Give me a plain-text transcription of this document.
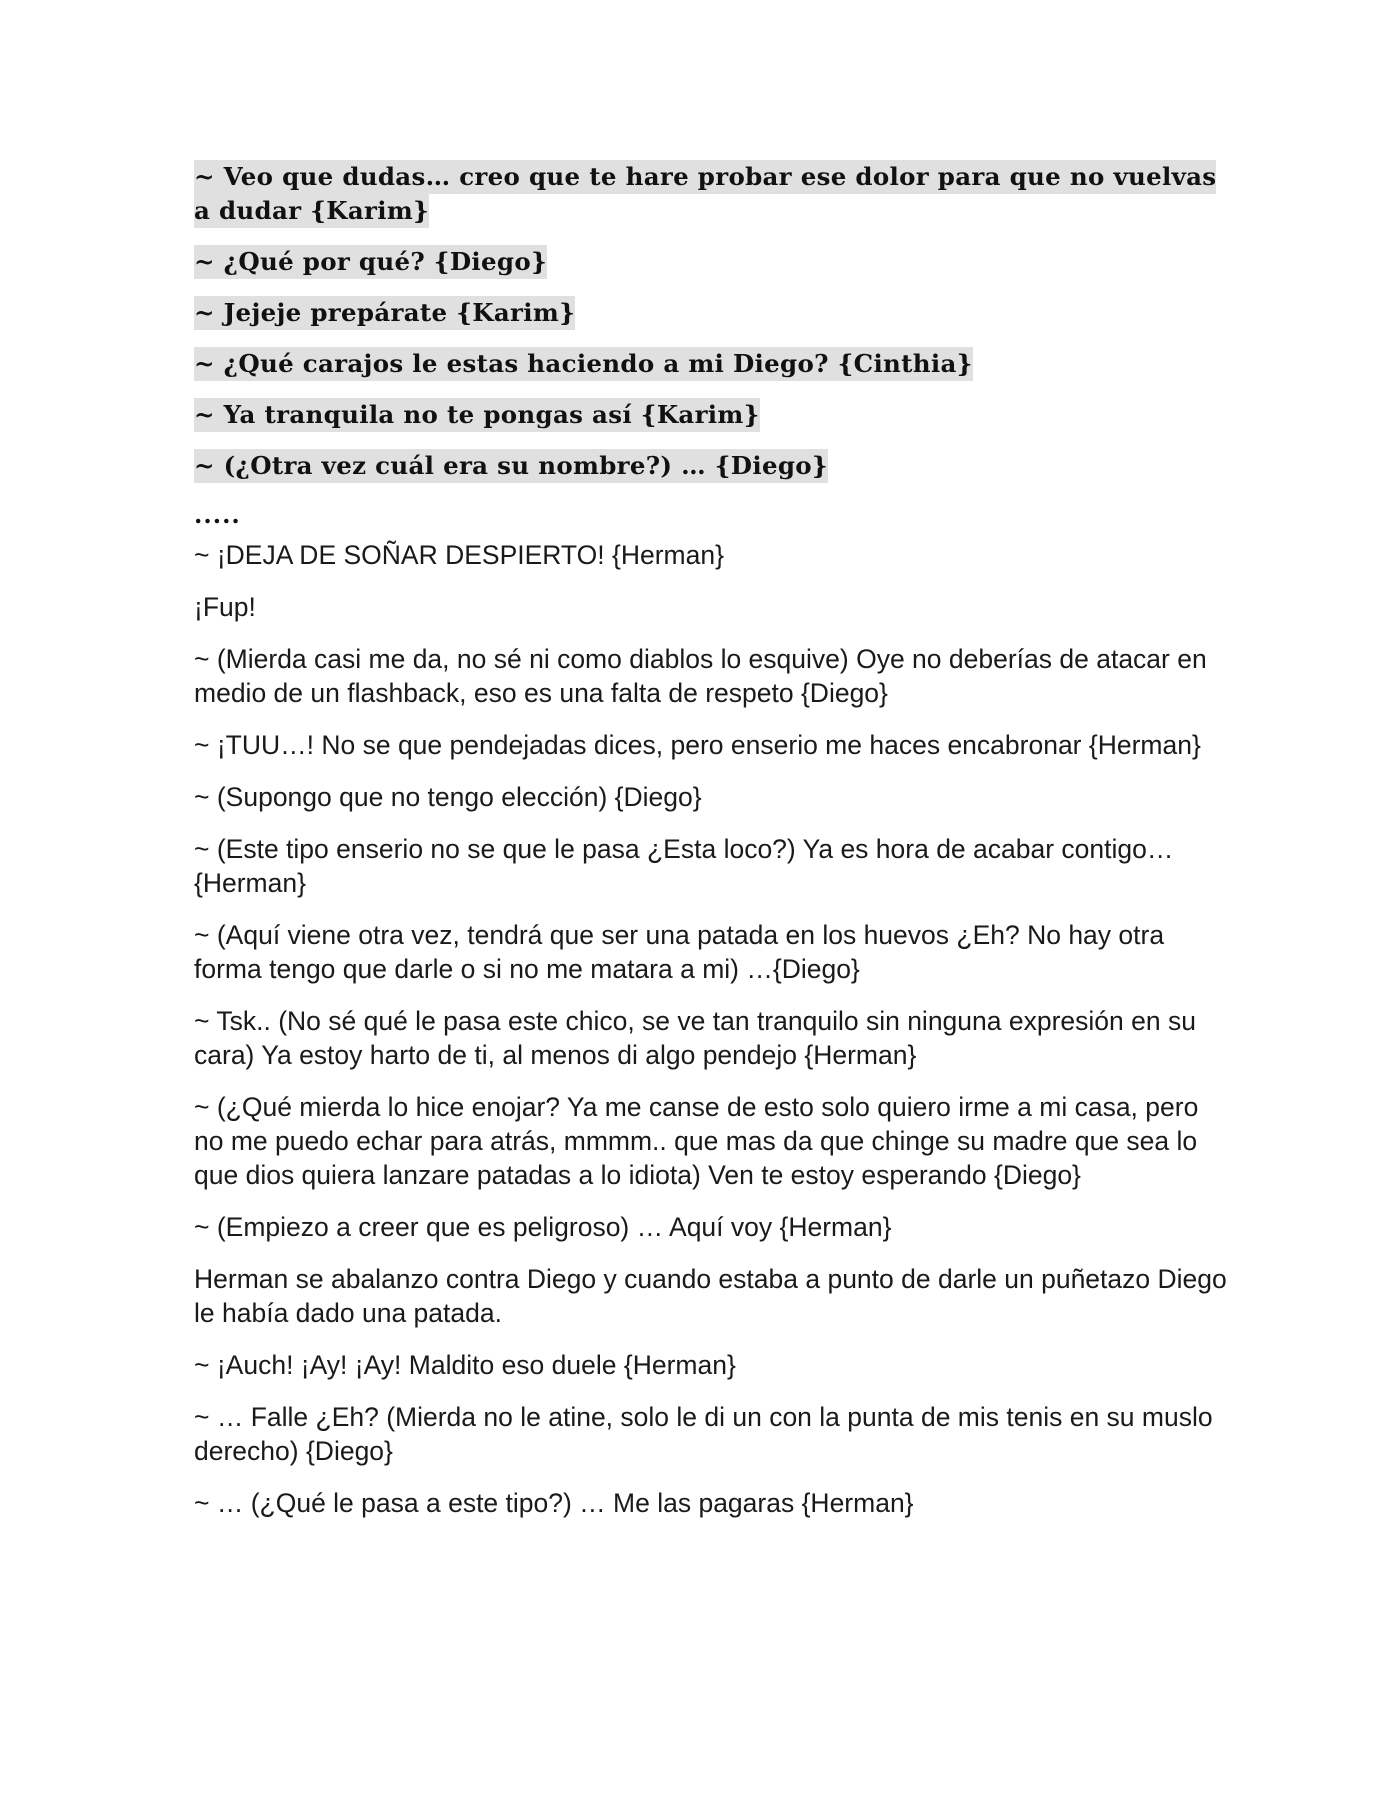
~ Veo que dudas… creo que te hare probar ese dolor para que no vuelvas a dudar {Karim}

~ ¿Qué por qué? {Diego}

~ Jejeje prepárate {Karim}

~ ¿Qué carajos le estas haciendo a mi Diego? {Cinthia}

~ Ya tranquila no te pongas así {Karim}

~ (¿Otra vez cuál era su nombre?) … {Diego}

.....

~ ¡DEJA DE SOÑAR DESPIERTO! {Herman}

¡Fup!

~ (Mierda casi me da, no sé ni como diablos lo esquive) Oye no deberías de atacar en medio de un flashback, eso es una falta de respeto {Diego}

~ ¡TUU…! No se que pendejadas dices, pero enserio me haces encabronar {Herman}

~ (Supongo que no tengo elección) {Diego}

~ (Este tipo enserio no se que le pasa ¿Esta loco?) Ya es hora de acabar contigo… {Herman}

~ (Aquí viene otra vez, tendrá que ser una patada en los huevos ¿Eh? No hay otra forma tengo que darle o si no me matara a mi) …{Diego}

~ Tsk.. (No sé qué le pasa este chico, se ve tan tranquilo sin ninguna expresión en su cara) Ya estoy harto de ti, al menos di algo pendejo {Herman}

~ (¿Qué mierda lo hice enojar? Ya me canse de esto solo quiero irme a mi casa, pero no me puedo echar para atrás, mmmm.. que mas da que chinge su madre que sea lo que dios quiera lanzare patadas a lo idiota) Ven te estoy esperando {Diego}

~ (Empiezo a creer que es peligroso) … Aquí voy {Herman}

Herman se abalanzo contra Diego y cuando estaba a punto de darle un puñetazo Diego le había dado una patada.

~ ¡Auch! ¡Ay! ¡Ay! Maldito eso duele {Herman}

~ … Falle ¿Eh? (Mierda no le atine, solo le di un con la punta de mis tenis en su muslo derecho) {Diego}

~ … (¿Qué le pasa a este tipo?) … Me las pagaras {Herman}
